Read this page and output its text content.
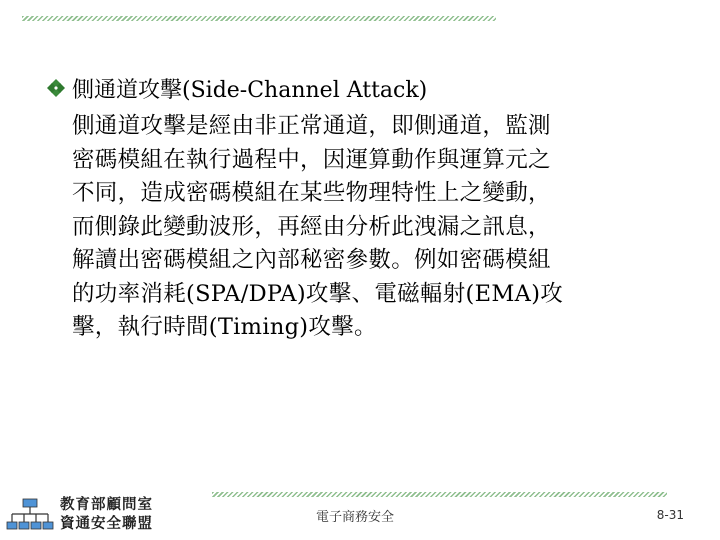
側通道攻擊(Side-Channel Attack)
側通道攻擊是經由非正常通道，即側通道，監測
密碼模組在執行過程中，因運算動作與運算元之
不同，造成密碼模組在某些物理特性上之變動，
而側錄此變動波形，再經由分析此洩漏之訊息，
解讀出密碼模組之內部秘密參數。例如密碼模組
的功率消耗(SPA/DPA)攻擊、電磁輻射(EMA)攻
擊，執行時間(Timing)攻擊。
教育部顧問室
資通安全聯盟	電子商務安全	8-31
